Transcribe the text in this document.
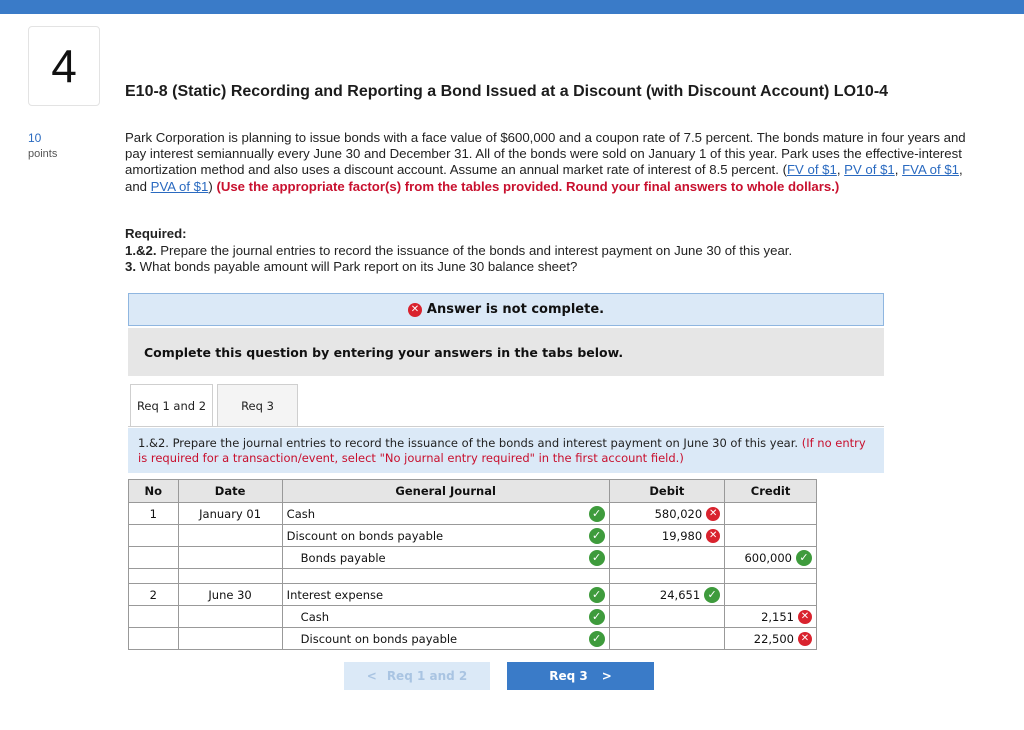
4	E10-8 (Static) Recording and Reporting a Bond Issued at a Discount (with Discount Account) LO10-4
10
points
Park Corporation is planning to issue bonds with a face value of $600,000 and a coupon rate of 7.5 percent. The bonds mature in four years and pay interest semiannually every June 30 and December 31. All of the bonds were sold on January 1 of this year. Park uses the effective-interest amortization method and also uses a discount account. Assume an annual market rate of interest of 8.5 percent. (FV of $1, PV of $1, FVA of $1, and PVA of $1) (Use the appropriate factor(s) from the tables provided. Round your final answers to whole dollars.)
Required:
1.&2. Prepare the journal entries to record the issuance of the bonds and interest payment on June 30 of this year.
3. What bonds payable amount will Park report on its June 30 balance sheet?
✕ Answer is not complete.
Complete this question by entering your answers in the tabs below.
Req 1 and 2	Req 3
1.&2. Prepare the journal entries to record the issuance of the bonds and interest payment on June 30 of this year. (If no entry is required for a transaction/event, select "No journal entry required" in the first account field.)
No	Date	General Journal	Debit	Credit
1	January 01	Cash ✓	580,020 ✕	

		Discount on bonds payable ✓	19,980 ✕	

		Bonds payable ✓		600,000 ✓

2	June 30	Interest expense ✓	24,651 ✓	

		Cash ✓		2,151 ✕

		Discount on bonds payable ✓		22,500 ✕
< Req 1 and 2	Req 3 >
